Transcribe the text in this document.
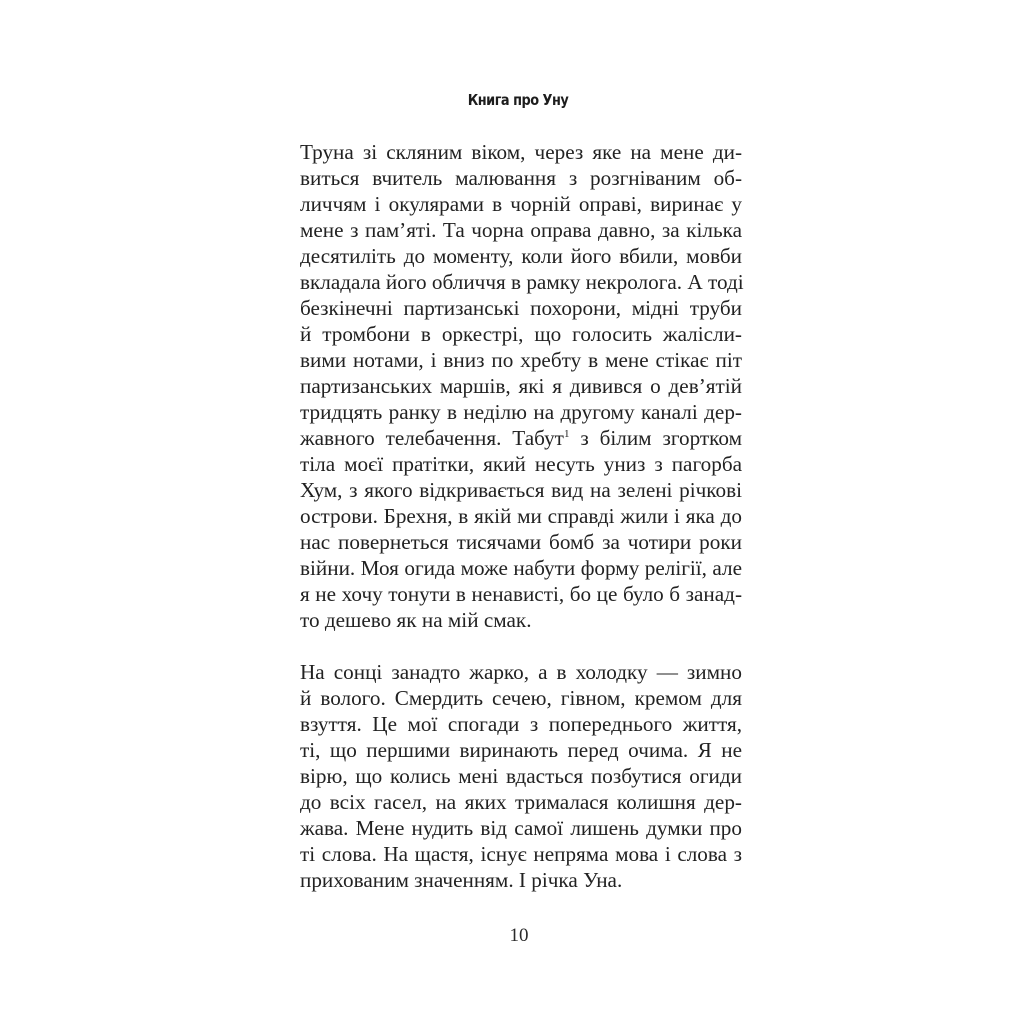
Книга про Уну
Труна зі скляним віком, через яке на мене ди-
виться вчитель малювання з розгніваним об-
личчям і окулярами в чорній оправі, виринає у
мене з пам’яті. Та чорна оправа давно, за кілька
десятиліть до моменту, коли його вбили, мовби
вкладала його обличчя в рамку некролога. А тоді
безкінечні партизанські похорони, мідні труби
й тромбони в оркестрі, що голосить жалісли-
вими нотами, і вниз по хребту в мене стікає піт
партизанських маршів, які я дивився о дев’ятій
тридцять ранку в неділю на другому каналі дер-
жавного телебачення. Табут$^1$ з білим згортком
тіла моєї пратітки, який несуть униз з пагорба
Хум, з якого відкривається вид на зелені річкові
острови. Брехня, в якій ми справді жили і яка до
нас повернеться тисячами бомб за чотири роки
війни. Моя огида може набути форму релігії, але
я не хочу тонути в ненависті, бо це було б занад-
то дешево як на мій смак.
На сонці занадто жарко, а в холодку — зимно
й волого. Смердить сечею, гівном, кремом для
взуття. Це мої спогади з попереднього життя,
ті, що першими виринають перед очима. Я не
вірю, що колись мені вдасться позбутися огиди
до всіх гасел, на яких трималася колишня дер-
жава. Мене нудить від самої лишень думки про
ті слова. На щастя, існує непряма мова і слова з
прихованим значенням. І річка Уна.
10
